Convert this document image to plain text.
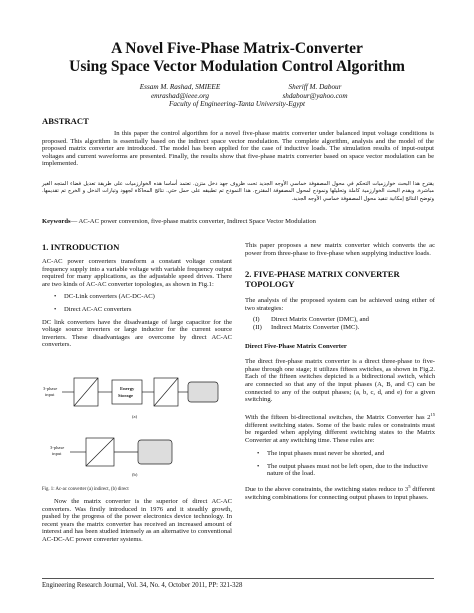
A Novel Five-Phase Matrix-Converter
Using Space Vector Modulation Control Algorithm
Essam M. Rashad, SMIEEE
emrashad@ieee.org
Sheriff M. Dabour
shdabour@yahoo.com
Faculty of Engineering-Tanta University-Egypt
ABSTRACT
In this paper the control algorithm for a novel five-phase matrix converter under balanced input voltage conditions is proposed. This algorithm is essentially based on the indirect space vector modulation. The complete algorithm, analysis and the model of the proposed matrix converter are introduced. The model has been applied for the case of inductive loads. The simulation results of input-output voltages and current waveforms are presented. Finally, the results show that five-phase matrix converter based on space vector modulation can be implemented.
يقترح هذا البحث خوارزميات التحكم في محول المصفوفة خماسي الأوجه الجديد تحت ظروف جهد دخل متزن. تعتمد أساسا هذه الخوارزميات على طريقة تعديل فضاء المتجه الغير مباشرة. ويقدم البحث الخوارزمية كاملة وتحليلها ونموذج لمحول المصفوفة المقترح. هذا النموذج تم تطبيقه على حمل حثي. نتائج المحاكاة لجهود وتيارات الدخل و الخرج تم تقديمها. وتوضح النتائج إمكانية تنفيذ محول المصفوفة خماسي الأوجه الجديد.
Keywords— AC-AC power conversion, five-phase matrix converter, Indirect Space Vector Modulation
1. INTRODUCTION
AC-AC power converters transform a constant voltage constant frequency supply into a variable voltage with variable frequency output required for many applications, as the adjustable speed drives. There are two kinds of AC-AC converter topologies, as shown in Fig.1:
• DC-Link converters (AC-DC-AC)
• Direct AC-AC converters
DC link converters have the disadvantage of large capacitor for the voltage source inverters or large inductor for the current source inverters. These disadvantages are overcome by direct AC-AC converters.
3-phase
input
Energy
Storage
(a)
3-phase
input
(b)
Fig. 1: Ac-ac converter (a) indirect, (b) direct
Now the matrix converter is the superior of direct AC-AC converters. Was firstly introduced in 1976 and it steadily growth, pushed by the progress of the power electronics device technology. In recent years the matrix converter has received an increased amount of interest and has been studied intensely as an alternative to conventional AC-DC-AC power converter systems.
This paper proposes a new matrix converter which converts the ac power from three-phase to five-phase when supplying inductive loads.
2. FIVE-PHASE MATRIX CONVERTER TOPOLOGY
The analysis of the proposed system can be achieved using either of two strategies:
(I)	Direct Matrix Converter (DMC), and
(II)	Indirect Matrix Converter (IMC).
Direct Five-Phase Matrix Converter
The direct five-phase matrix converter is a direct three-phase to five-phase through one stage; it utilizes fifteen switches, as shown in Fig.2. Each of the fifteen switches depicted is a bidirectional switch, which are connected so that any of the input phases (A, B, and C) can be connected to any of the output phases; (a, b, c, d, and e) for a given switching.
With the fifteen bi-directional switches, the Matrix Converter has $2^{15}$ different switching states. Some of the basic rules or constraints must be regarded when applying different switching states to the Matrix Converter at any switching time. These rules are:
• The input phases must never be shorted, and
• The output phases must not be left open, due to the inductive nature of the load.
Due to the above constraints, the switching states reduce to $3^5$ different switching combinations for connecting output phases to input phases.
Engineering Research Journal, Vol. 34, No. 4, October 2011, PP: 321-328
